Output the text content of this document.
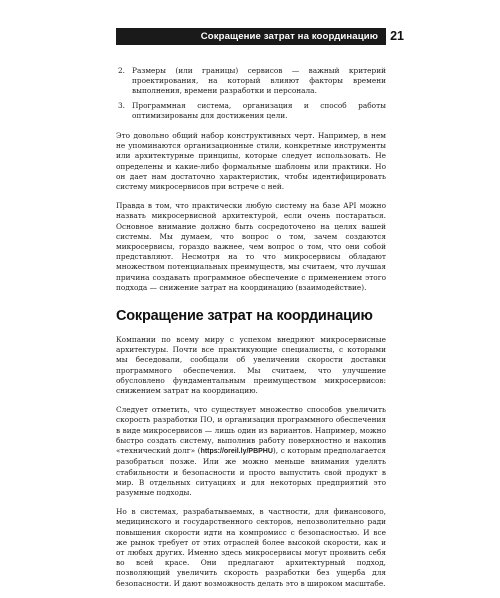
Сокращение затрат на координацию 21
2. Размеры (или границы) сервисов — важный критерий проектирования, на который влияют факторы времени выполнения, времени разработки и персонала.
3. Программная система, организация и способ работы оптимизированы для достижения цели.

Это довольно общий набор конструктивных черт. Например, в нем не упоминаются организационные стили, конкретные инструменты или архитектурные принципы, которые следует использовать. Не определены и какие-либо формальные шаблоны или практики. Но он дает нам достаточно характеристик, чтобы идентифицировать систему микросервисов при встрече с ней.

Правда в том, что практически любую систему на базе API можно назвать микросервисной архитектурой, если очень постараться. Основное внимание должно быть сосредоточено на целях вашей системы. Мы думаем, что вопрос о том, зачем создаются микросервисы, гораздо важнее, чем вопрос о том, что они собой представляют. Несмотря на то что микросервисы обладают множеством потенциальных преимуществ, мы считаем, что лучшая причина создавать программное обеспечение с применением этого подхода — снижение затрат на координацию (взаимодействие).

Сокращение затрат на координацию

Компании по всему миру с успехом внедряют микросервисные архитектуры. Почти все практикующие специалисты, с которыми мы беседовали, сообщали об увеличении скорости доставки программного обеспечения. Мы считаем, что улучшение обусловлено фундаментальным преимуществом микросервисов: снижением затрат на координацию.

Следует отметить, что существует множество способов увеличить скорость разработки ПО, и организация программного обеспечения в виде микросервисов — лишь один из вариантов. Например, можно быстро создать систему, выполнив работу поверхностно и накопив «технический долг» (https://oreil.ly/PBPHU), с которым предполагается разобраться позже. Или же можно меньше внимания уделять стабильности и безопасности и просто выпустить свой продукт в мир. В отдельных ситуациях и для некоторых предприятий это разумные подходы.

Но в системах, разрабатываемых, в частности, для финансового, медицинского и государственного секторов, непозволительно ради повышения скорости идти на компромисс с безопасностью. И все же рынок требует от этих отраслей более высокой скорости, как и от любых других. Именно здесь микросервисы могут проявить себя во всей красе. Они предлагают архитектурный подход, позволяющий увеличить скорость разработки без ущерба для безопасности. И дают возможность делать это в широком масштабе.
